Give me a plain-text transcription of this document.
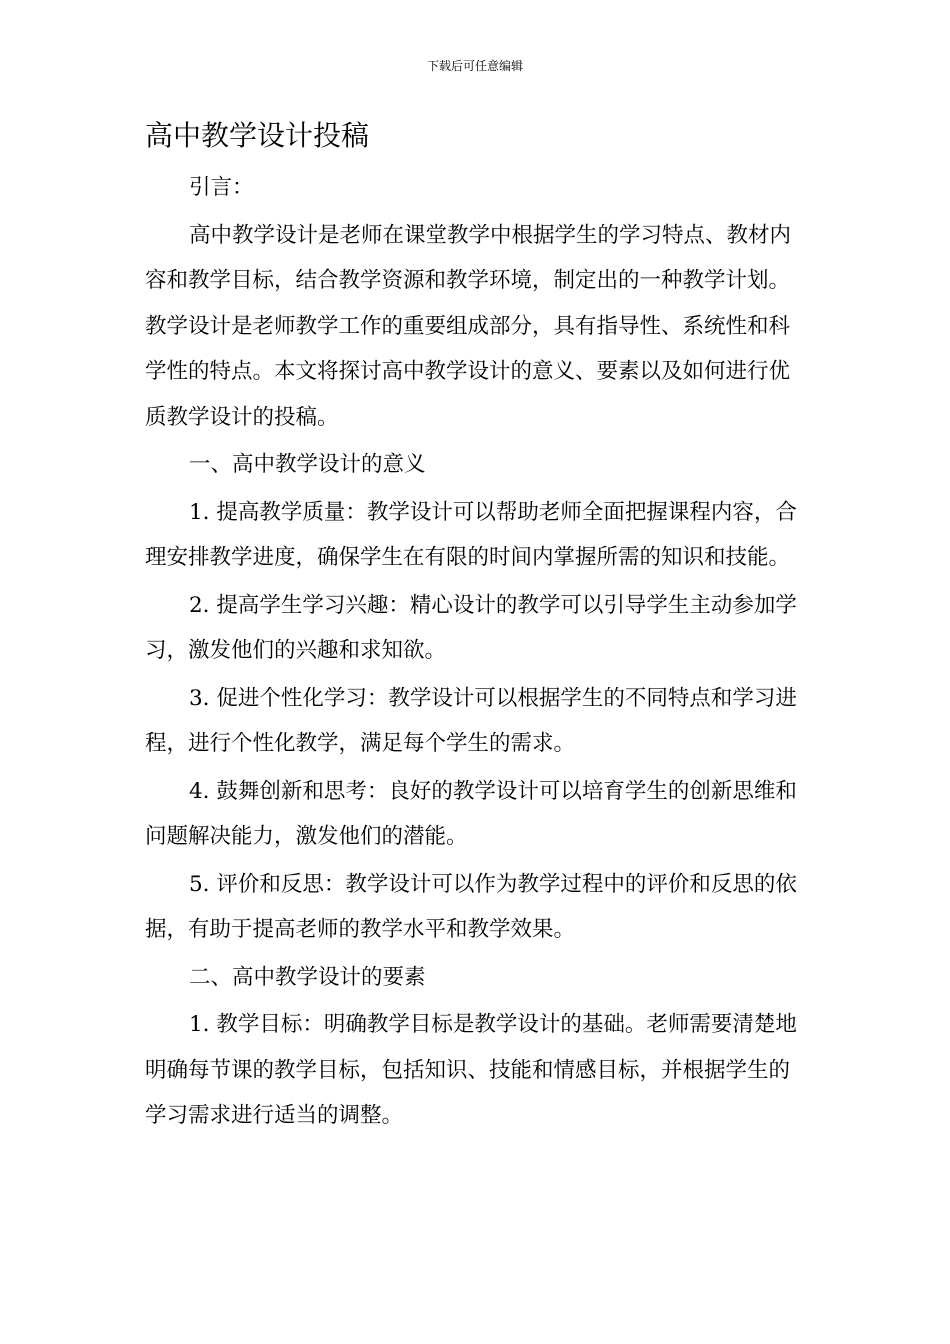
下载后可任意编辑
高中教学设计投稿

引言：

高中教学设计是老师在课堂教学中根据学生的学习特点、教材内容和教学目标，结合教学资源和教学环境，制定出的一种教学计划。教学设计是老师教学工作的重要组成部分，具有指导性、系统性和科学性的特点。本文将探讨高中教学设计的意义、要素以及如何进行优质教学设计的投稿。

一、高中教学设计的意义

1. 提高教学质量：教学设计可以帮助老师全面把握课程内容，合理安排教学进度，确保学生在有限的时间内掌握所需的知识和技能。

2. 提高学生学习兴趣：精心设计的教学可以引导学生主动参加学习，激发他们的兴趣和求知欲。

3. 促进个性化学习：教学设计可以根据学生的不同特点和学习进程，进行个性化教学，满足每个学生的需求。

4. 鼓舞创新和思考：良好的教学设计可以培育学生的创新思维和问题解决能力，激发他们的潜能。

5. 评价和反思：教学设计可以作为教学过程中的评价和反思的依据，有助于提高老师的教学水平和教学效果。

二、高中教学设计的要素

1. 教学目标：明确教学目标是教学设计的基础。老师需要清楚地明确每节课的教学目标，包括知识、技能和情感目标，并根据学生的学习需求进行适当的调整。
